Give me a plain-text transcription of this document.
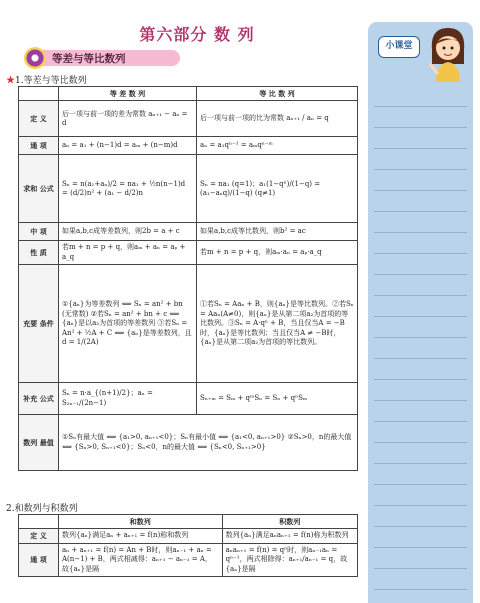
第六部分 数 列
等差与等比数列
★1.等差与等比数列
	等 差 数 列	等 比 数 列
定 义	后一项与前一项的差为常数 aₙ₊₁ − aₙ = d	后一项与前一项的比为常数 aₙ₊₁ / aₙ = q
通 项	aₙ = a₁ + (n−1)d = aₘ + (n−m)d	aₙ = a₁qⁿ⁻¹ = aₘqⁿ⁻ᵐ
求和 公式	Sₙ = n(a₁+aₙ)/2 = na₁ + ½n(n−1)d = (d/2)n² + (a₁ − d/2)n	Sₙ = na₁ (q=1)；a₁(1−qⁿ)/(1−q) = (a₁−aₙq)/(1−q) (q≠1)
中 项	如果a,b,c成等差数列，则2b = a + c	如果a,b,c成等比数列，则b² = ac
性 质	若m + n = p + q，则aₘ + aₙ = aₚ + a_q	若m + n = p + q，则aₘ·aₙ = aₚ·a_q
充要 条件	①{aₙ}为等差数列 ⟺ Sₙ = an² + bn (无常数) ②若Sₙ = an² + bn + c ⟺ {aₙ}是以a₂为首项的等差数列 ③若Sₙ = An² + ½A + C ⟺ {aₙ}是等差数列，且d = 1/(2A)	①若Sₙ = Aaₙ + B，则{aₙ}是等比数列。②若Sₙ = Aaₙ(A≠0)，则{aₙ}是从第二项a₂为首项的等比数列。③Sₙ = A·qⁿ + B，当且仅当A = −B时，{aₙ}是等比数列；当且仅当A ≠ −B时，{aₙ}是从第二项a₂为首项的等比数列。
补充 公式	Sₙ = n·a_{(n+1)/2}；aₙ = S₂ₙ₋₁/(2n−1)	Sₙ₊ₘ = Sₘ + qᵐSₙ = Sₙ + qⁿSₘ
数列 最值	①Sₙ有最大值 ⟺ {a₁>0, aₙ₊₁<0}；Sₙ有最小值 ⟺ {a₁<0, aₙ₊₁>0} ②Sₙ>0，n的最大值 ⟺ {Sₙ>0, Sₙ₊₁<0}；Sₙ<0，n的最大值 ⟺ {Sₙ<0, Sₙ₊₁>0}	
2.和数列与积数列
	和数列	积数列
定 义	数列{aₙ}满足aₙ + aₙ₊₁ = f(n)称和数列	数列{aₙ}满足aₙaₙ₊₁ = f(n)称为积数列
通 项	aₙ + aₙ₊₁ = f(n) = An + B时，则aₙ₋₁ + aₙ = A(n−1) + B，两式相减得：aₙ₊₁ − aₙ₋₁ = A，故{aₙ}是隔	aₙaₙ₊₁ = f(n) = qⁿ时，则aₙ₋₁aₙ = qⁿ⁻¹，两式相除得：aₙ₊₁/aₙ₋₁ = q，故{aₙ}是隔
小课堂
